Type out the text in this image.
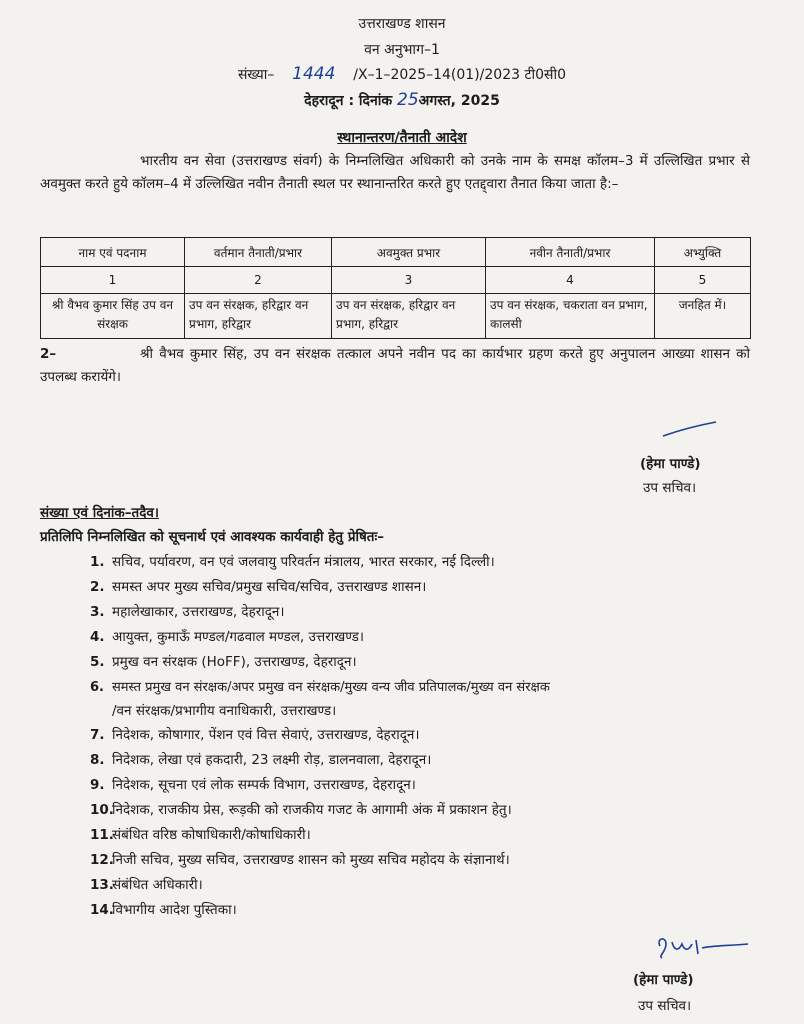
उत्तराखण्ड शासन
वन अनुभाग–1
संख्या– 1444 /X–1–2025–14(01)/2023 टी0सी0
देहरादून : दिनांक 25अगस्त, 2025
स्थानान्तरण/तैनाती आदेश
भारतीय वन सेवा (उत्तराखण्ड संवर्ग) के निम्नलिखित अधिकारी को उनके नाम के समक्ष कॉलम–3 में उल्लिखित प्रभार से अवमुक्त करते हुये कॉलम–4 में उल्लिखित नवीन तैनाती स्थल पर स्थानान्तरित करते हुए एतद्द्वारा तैनात किया जाता है:–
नाम एवं पदनाम	वर्तमान तैनाती/प्रभार	अवमुक्त प्रभार	नवीन तैनाती/प्रभार	अभ्युक्ति
1	2	3	4	5
श्री वैभव कुमार सिंह उप वन संरक्षक	उप वन संरक्षक, हरिद्वार वन प्रभाग, हरिद्वार	उप वन संरक्षक, हरिद्वार वन प्रभाग, हरिद्वार	उप वन संरक्षक, चकराता वन प्रभाग, कालसी	जनहित में।
2–	श्री वैभव कुमार सिंह, उप वन संरक्षक तत्काल अपने नवीन पद का कार्यभार ग्रहण करते हुए अनुपालन आख्या शासन को उपलब्ध करायेंगे।
(हेमा पाण्डे)
उप सचिव।
संख्या एवं दिनांक–तदैव।
प्रतिलिपि निम्नलिखित को सूचनार्थ एवं आवश्यक कार्यवाही हेतु प्रेषितः–
1. सचिव, पर्यावरण, वन एवं जलवायु परिवर्तन मंत्रालय, भारत सरकार, नई दिल्ली।
2. समस्त अपर मुख्य सचिव/प्रमुख सचिव/सचिव, उत्तराखण्ड शासन।
3. महालेखाकार, उत्तराखण्ड, देहरादून।
4. आयुक्त, कुमाऊँ मण्डल/गढवाल मण्डल, उत्तराखण्ड।
5. प्रमुख वन संरक्षक (HoFF), उत्तराखण्ड, देहरादून।
6. समस्त प्रमुख वन संरक्षक/अपर प्रमुख वन संरक्षक/मुख्य वन्य जीव प्रतिपालक/मुख्य वन संरक्षक
/वन संरक्षक/प्रभागीय वनाधिकारी, उत्तराखण्ड।
7. निदेशक, कोषागार, पेंशन एवं वित्त सेवाएं, उत्तराखण्ड, देहरादून।
8. निदेशक, लेखा एवं हकदारी, 23 लक्ष्मी रोड़, डालनवाला, देहरादून।
9. निदेशक, सूचना एवं लोक सम्पर्क विभाग, उत्तराखण्ड, देहरादून।
10.निदेशक, राजकीय प्रेस, रूड़की को राजकीय गजट के आगामी अंक में प्रकाशन हेतु।
11.संबंधित वरिष्ठ कोषाधिकारी/कोषाधिकारी।
12.निजी सचिव, मुख्य सचिव, उत्तराखण्ड शासन को मुख्य सचिव महोदय के संज्ञानार्थ।
13.संबंधित अधिकारी।
14.विभागीय आदेश पुस्तिका।
(हेमा पाण्डे)
उप सचिव।
